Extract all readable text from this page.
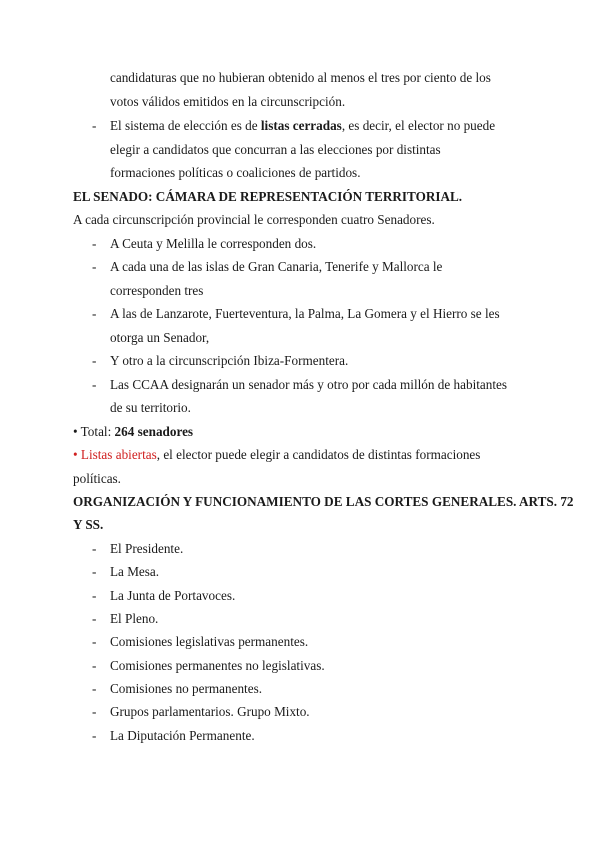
candidaturas que no hubieran obtenido al menos el tres por ciento de los
votos válidos emitidos en la circunscripción.
- El sistema de elección es de listas cerradas, es decir, el elector no puede
elegir a candidatos que concurran a las elecciones por distintas
formaciones políticas o coaliciones de partidos.
EL SENADO: CÁMARA DE REPRESENTACIÓN TERRITORIAL.
A cada circunscripción provincial le corresponden cuatro Senadores.
- A Ceuta y Melilla le corresponden dos.
- A cada una de las islas de Gran Canaria, Tenerife y Mallorca le
corresponden tres
- A las de Lanzarote, Fuerteventura, la Palma, La Gomera y el Hierro se les
otorga un Senador,
- Y otro a la circunscripción Ibiza-Formentera.
- Las CCAA designarán un senador más y otro por cada millón de habitantes
de su territorio.
• Total: 264 senadores
• Listas abiertas, el elector puede elegir a candidatos de distintas formaciones
políticas.
ORGANIZACIÓN Y FUNCIONAMIENTO DE LAS CORTES GENERALES. ARTS. 72
Y SS.
- El Presidente.
- La Mesa.
- La Junta de Portavoces.
- El Pleno.
- Comisiones legislativas permanentes.
- Comisiones permanentes no legislativas.
- Comisiones no permanentes.
- Grupos parlamentarios. Grupo Mixto.
- La Diputación Permanente.
